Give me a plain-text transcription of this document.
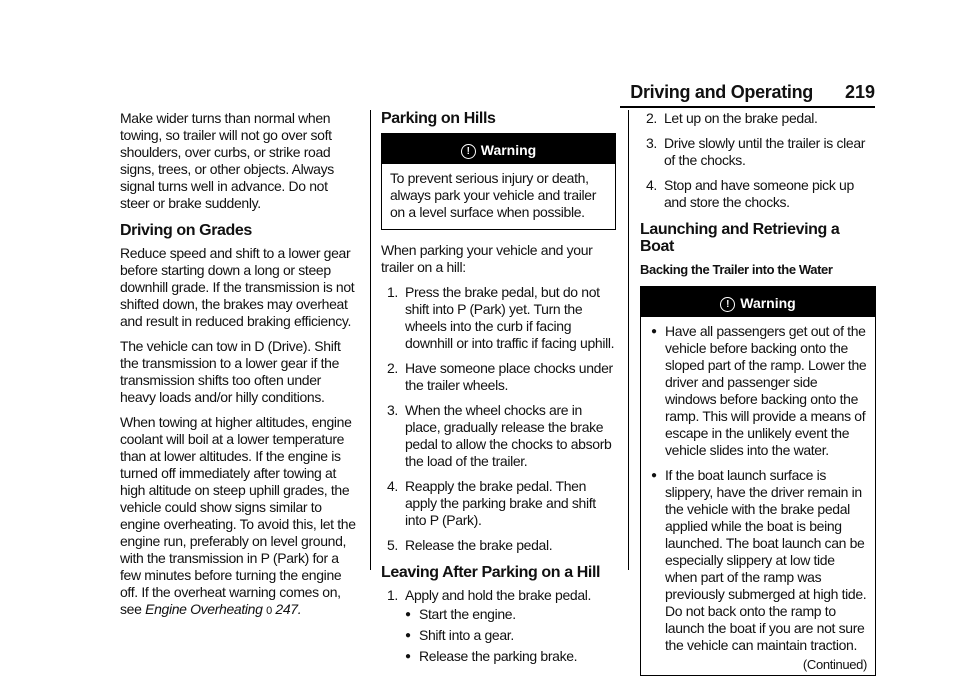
Driving and Operating 219

Make wider turns than normal when towing, so trailer will not go over soft shoulders, over curbs, or strike road signs, trees, or other objects. Always signal turns well in advance. Do not steer or brake suddenly.

Driving on Grades

Reduce speed and shift to a lower gear before starting down a long or steep downhill grade. If the transmission is not shifted down, the brakes may overheat and result in reduced braking efficiency.

The vehicle can tow in D (Drive). Shift the transmission to a lower gear if the transmission shifts too often under heavy loads and/or hilly conditions.

When towing at higher altitudes, engine coolant will boil at a lower temperature than at lower altitudes. If the engine is turned off immediately after towing at high altitude on steep uphill grades, the vehicle could show signs similar to engine overheating. To avoid this, let the engine run, preferably on level ground, with the transmission in P (Park) for a few minutes before turning the engine off. If the overheat warning comes on, see Engine Overheating 0 247.

Parking on Hills
! Warning
To prevent serious injury or death, always park your vehicle and trailer on a level surface when possible.

When parking your vehicle and your trailer on a hill:

1. Press the brake pedal, but do not shift into P (Park) yet. Turn the wheels into the curb if facing downhill or into traffic if facing uphill.
2. Have someone place chocks under the trailer wheels.
3. When the wheel chocks are in place, gradually release the brake pedal to allow the chocks to absorb the load of the trailer.
4. Reapply the brake pedal. Then apply the parking brake and shift into P (Park).
5. Release the brake pedal.
Leaving After Parking on a Hill
1. Apply and hold the brake pedal.
● Start the engine.
● Shift into a gear.
● Release the parking brake.
2. Let up on the brake pedal.
3. Drive slowly until the trailer is clear of the chocks.
4. Stop and have someone pick up and store the chocks.
Launching and Retrieving a Boat
Backing the Trailer into the Water
! Warning
● Have all passengers get out of the vehicle before backing onto the sloped part of the ramp. Lower the driver and passenger side windows before backing onto the ramp. This will provide a means of escape in the unlikely event the vehicle slides into the water.
● If the boat launch surface is slippery, have the driver remain in the vehicle with the brake pedal applied while the boat is being launched. The boat launch can be especially slippery at low tide when part of the ramp was previously submerged at high tide. Do not back onto the ramp to launch the boat if you are not sure the vehicle can maintain traction.
(Continued)
